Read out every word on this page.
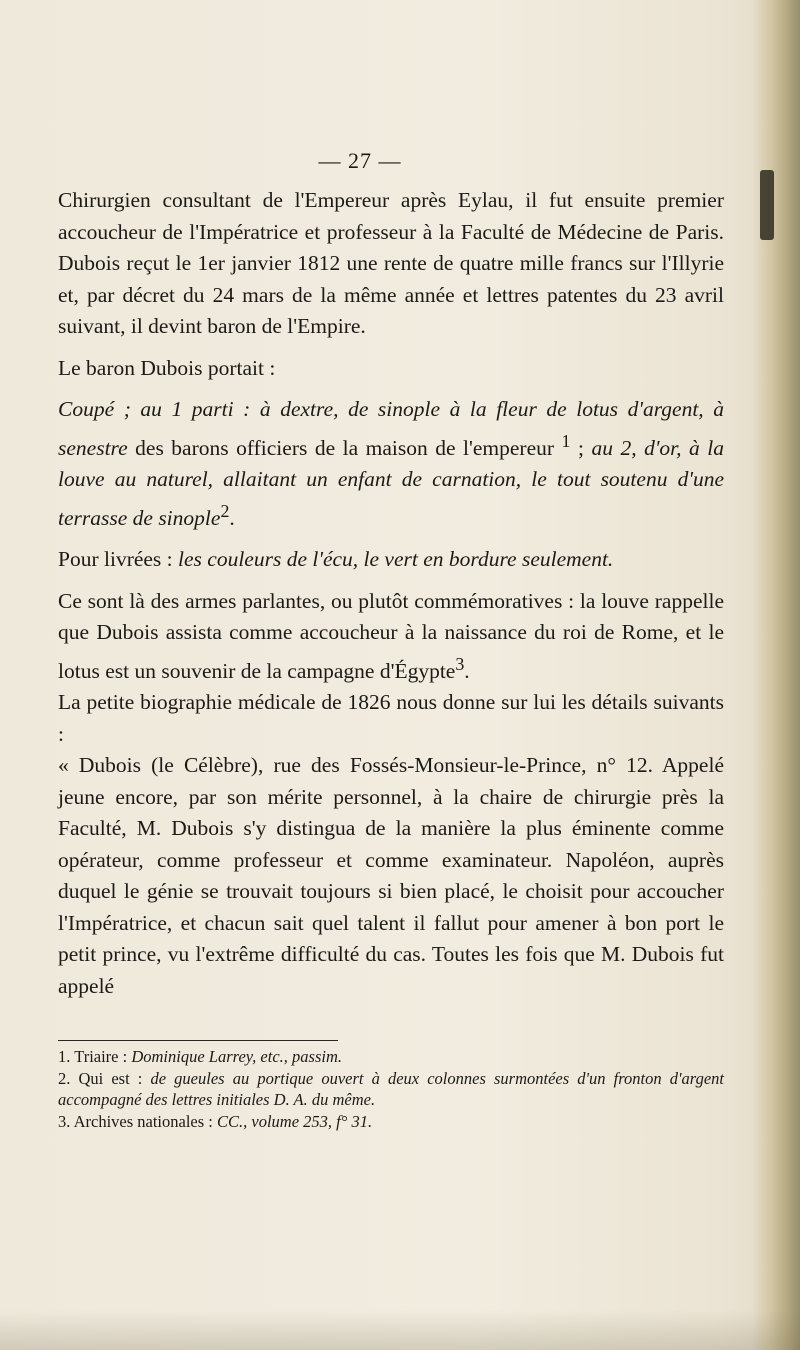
— 27 —

Chirurgien consultant de l'Empereur après Eylau, il fut ensuite premier accoucheur de l'Impératrice et professeur à la Faculté de Médecine de Paris. Dubois reçut le 1er janvier 1812 une rente de quatre mille francs sur l'Illyrie et, par décret du 24 mars de la même année et lettres patentes du 23 avril suivant, il devint baron de l'Empire.

Le baron Dubois portait :

Coupé ; au 1 parti : à dextre, de sinople à la fleur de lotus d'argent, à senestre des barons officiers de la maison de l'empereur $^1$ ; au 2, d'or, à la louve au naturel, allaitant un enfant de carnation, le tout soutenu d'une terrasse de sinople$^2$.

Pour livrées : les couleurs de l'écu, le vert en bordure seulement.

Ce sont là des armes parlantes, ou plutôt commémoratives : la louve rappelle que Dubois assista comme accoucheur à la naissance du roi de Rome, et le lotus est un souvenir de la campagne d'Égypte$^3$.

La petite biographie médicale de 1826 nous donne sur lui les détails suivants :

« Dubois (le Célèbre), rue des Fossés-Monsieur-le-Prince, n° 12. Appelé jeune encore, par son mérite personnel, à la chaire de chirurgie près la Faculté, M. Dubois s'y distingua de la manière la plus éminente comme opérateur, comme professeur et comme examinateur. Napoléon, auprès duquel le génie se trouvait toujours si bien placé, le choisit pour accoucher l'Impératrice, et chacun sait quel talent il fallut pour amener à bon port le petit prince, vu l'extrême difficulté du cas. Toutes les fois que M. Dubois fut appelé

1. Triaire : Dominique Larrey, etc., passim.

2. Qui est : de gueules au portique ouvert à deux colonnes surmontées d'un fronton d'argent accompagné des lettres initiales D. A. du même.

3. Archives nationales : CC., volume 253, f° 31.
